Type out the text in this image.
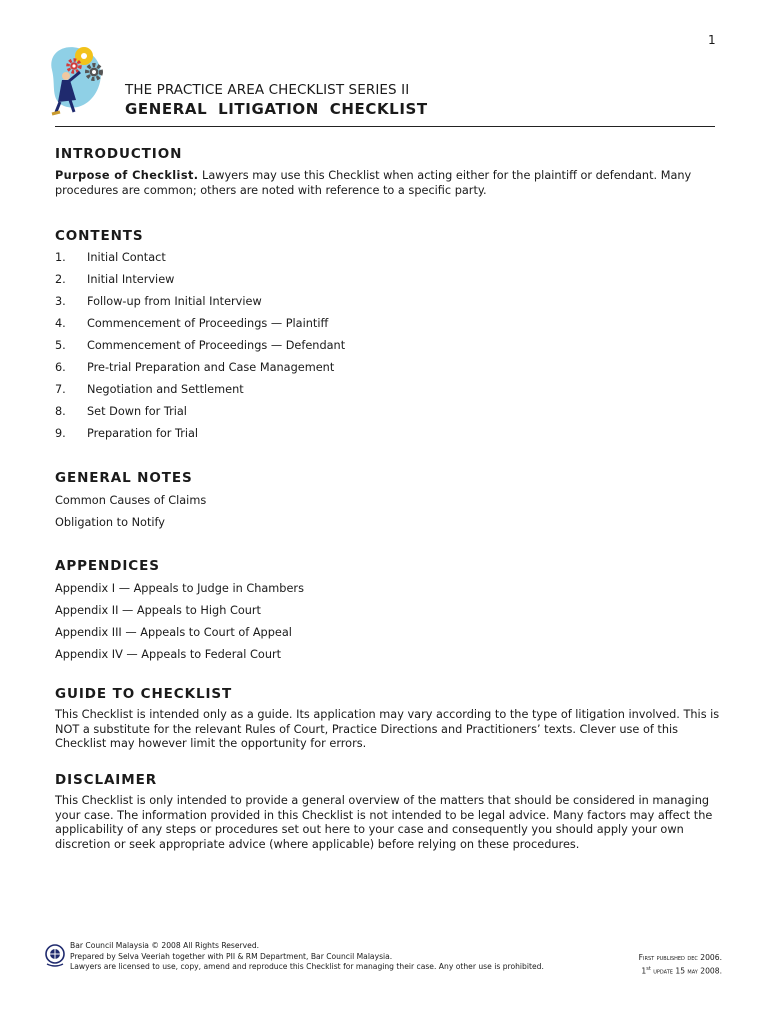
1
THE PRACTICE AREA CHECKLIST SERIES II
GENERAL LITIGATION CHECKLIST
INTRODUCTION

Purpose of Checklist. Lawyers may use this Checklist when acting either for the plaintiff or defendant. Many procedures are common; others are noted with reference to a specific party.

CONTENTS
1. Initial Contact
2. Initial Interview
3. Follow-up from Initial Interview
4. Commencement of Proceedings — Plaintiff
5. Commencement of Proceedings — Defendant
6. Pre-trial Preparation and Case Management
7. Negotiation and Settlement
8. Set Down for Trial
9. Preparation for Trial
GENERAL NOTES
Common Causes of Claims
Obligation to Notify
APPENDICES
Appendix I — Appeals to Judge in Chambers
Appendix II — Appeals to High Court
Appendix III — Appeals to Court of Appeal
Appendix IV — Appeals to Federal Court
GUIDE TO CHECKLIST

This Checklist is intended only as a guide. Its application may vary according to the type of litigation involved. This is NOT a substitute for the relevant Rules of Court, Practice Directions and Practitioners’ texts. Clever use of this Checklist may however limit the opportunity for errors.

DISCLAIMER

This Checklist is only intended to provide a general overview of the matters that should be considered in managing your case. The information provided in this Checklist is not intended to be legal advice. Many factors may affect the applicability of any steps or procedures set out here to your case and consequently you should apply your own discretion or seek appropriate advice (where applicable) before relying on these procedures.

Bar Council Malaysia © 2008 All Rights Reserved.
Prepared by Selva Veeriah together with PII & RM Department, Bar Council Malaysia.
Lawyers are licensed to use, copy, amend and reproduce this Checklist for managing their case. Any other use is prohibited.
First published dec 2006.
1st update 15 may 2008.
